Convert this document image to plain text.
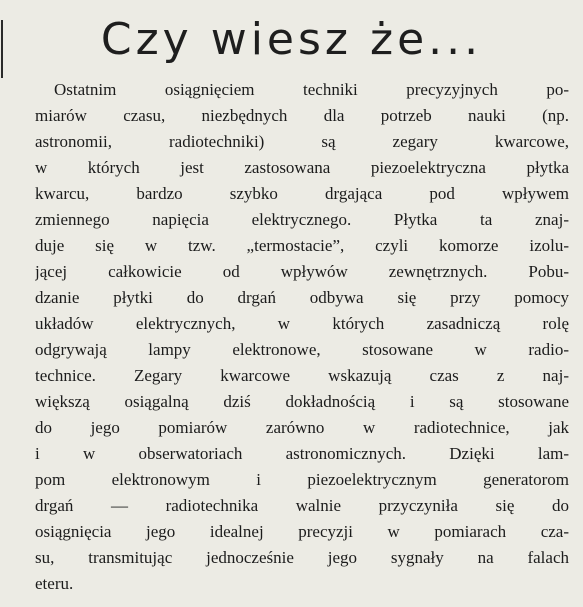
Czy wiesz że...
Ostatnim osiągnięciem techniki precyzyjnych po-
miarów czasu, niezbędnych dla potrzeb nauki (np.
astronomii, radiotechniki) są zegary kwarcowe,
w których jest zastosowana piezoelektryczna płytka
kwarcu, bardzo szybko drgająca pod wpływem
zmiennego napięcia elektrycznego. Płytka ta znaj-
duje się w tzw. „termostacie”, czyli komorze izolu-
jącej całkowicie od wpływów zewnętrznych. Pobu-
dzanie płytki do drgań odbywa się przy pomocy
układów elektrycznych, w których zasadniczą rolę
odgrywają lampy elektronowe, stosowane w radio-
technice. Zegary kwarcowe wskazują czas z naj-
większą osiągalną dziś dokładnością i są stosowane
do jego pomiarów zarówno w radiotechnice, jak
i w obserwatoriach astronomicznych. Dzięki lam-
pom elektronowym i piezoelektrycznym generatorom
drgań — radiotechnika walnie przyczyniła się do
osiągnięcia jego idealnej precyzji w pomiarach cza-
su, transmitując jednocześnie jego sygnały na falach
eteru.
